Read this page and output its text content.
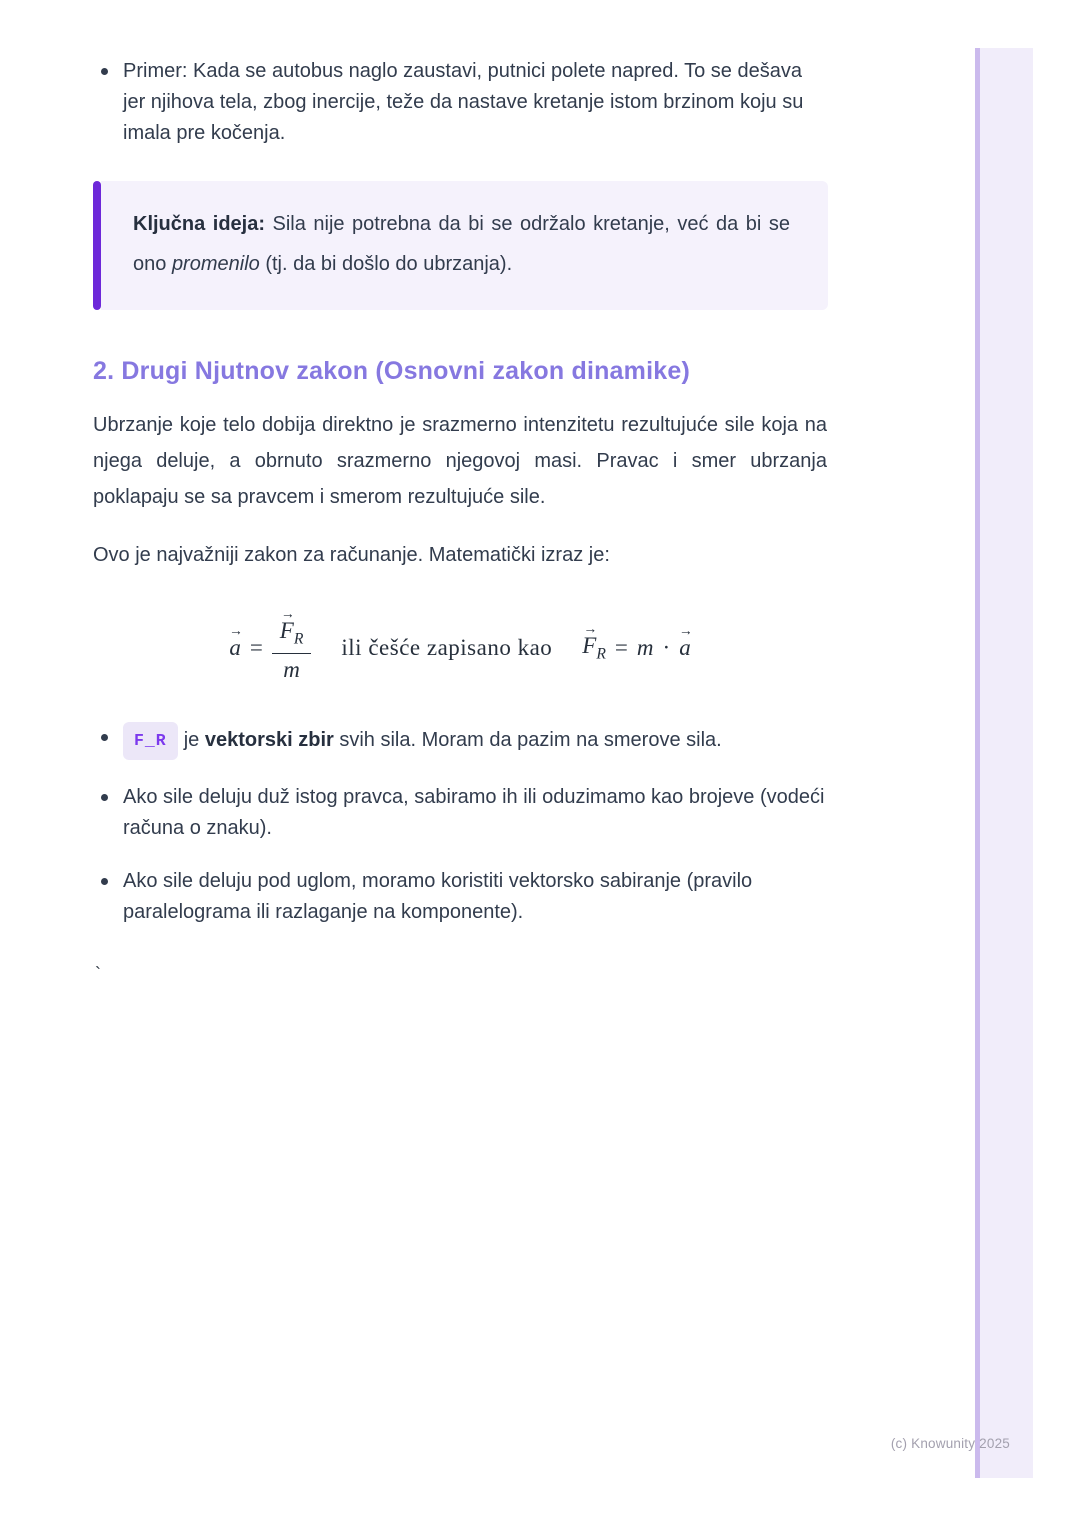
(c) Knowunity 2025
Primer: Kada se autobus naglo zaustavi, putnici polete napred. To se dešava jer njihova tela, zbog inercije, teže da nastave kretanje istom brzinom koju su imala pre kočenja.
Ključna ideja: Sila nije potrebna da bi se održalo kretanje, već da bi se ono promenilo (tj. da bi došlo do ubrzanja).
2. Drugi Njutnov zakon (Osnovni zakon dinamike)

Ubrzanje koje telo dobija direktno je srazmerno intenzitetu rezultujuće sile koja na njega deluje, a obrnuto srazmerno njegovoj masi. Pravac i smer ubrzanja poklapaju se sa pravcem i smerom rezultujuće sile.

Ovo je najvažniji zakon za računanje. Matematički izraz je:

→
a = →
$F_R$
m ili češće zapisano kao
→
$F_R = m$ ·
→
a
F_R je vektorski zbir svih sila. Moram da pazim na smerove sila.
Ako sile deluju duž istog pravca, sabiramo ih ili oduzimamo kao brojeve (vodeći računa o znaku).
Ako sile deluju pod uglom, moramo koristiti vektorsko sabiranje (pravilo paralelograma ili razlaganje na komponente).
`
